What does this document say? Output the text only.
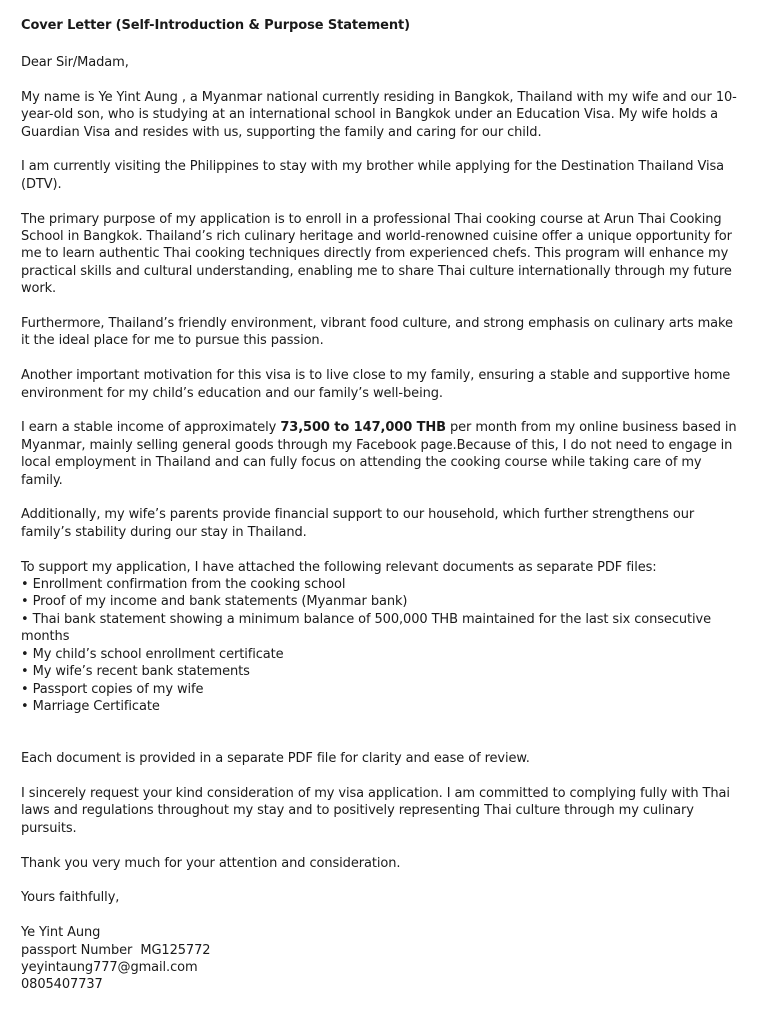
Cover Letter (Self-Introduction & Purpose Statement)

Dear Sir/Madam,

My name is Ye Yint Aung , a Myanmar national currently residing in Bangkok, Thailand with my wife and our 10-year-old son, who is studying at an international school in Bangkok under an Education Visa. My wife holds a Guardian Visa and resides with us, supporting the family and caring for our child.

I am currently visiting the Philippines to stay with my brother while applying for the Destination Thailand Visa (DTV).

The primary purpose of my application is to enroll in a professional Thai cooking course at Arun Thai Cooking School in Bangkok. Thailand’s rich culinary heritage and world-renowned cuisine offer a unique opportunity for me to learn authentic Thai cooking techniques directly from experienced chefs. This program will enhance my practical skills and cultural understanding, enabling me to share Thai culture internationally through my future work.

Furthermore, Thailand’s friendly environment, vibrant food culture, and strong emphasis on culinary arts make it the ideal place for me to pursue this passion.

Another important motivation for this visa is to live close to my family, ensuring a stable and supportive home environment for my child’s education and our family’s well-being.

I earn a stable income of approximately 73,500 to 147,000 THB per month from my online business based in Myanmar, mainly selling general goods through my Facebook page.Because of this, I do not need to engage in local employment in Thailand and can fully focus on attending the cooking course while taking care of my family.

Additionally, my wife’s parents provide financial support to our household, which further strengthens our family’s stability during our stay in Thailand.

To support my application, I have attached the following relevant documents as separate PDF files:

• Enrollment confirmation from the cooking school
• Proof of my income and bank statements (Myanmar bank)
• Thai bank statement showing a minimum balance of 500,000 THB maintained for the last six consecutive months
• My child’s school enrollment certificate
• My wife’s recent bank statements
• Passport copies of my wife
• Marriage Certificate

Each document is provided in a separate PDF file for clarity and ease of review.

I sincerely request your kind consideration of my visa application. I am committed to complying fully with Thai laws and regulations throughout my stay and to positively representing Thai culture through my culinary pursuits.

Thank you very much for your attention and consideration.

Yours faithfully,

Ye Yint Aung

passport Number  MG125772

yeyintaung777@gmail.com

0805407737
